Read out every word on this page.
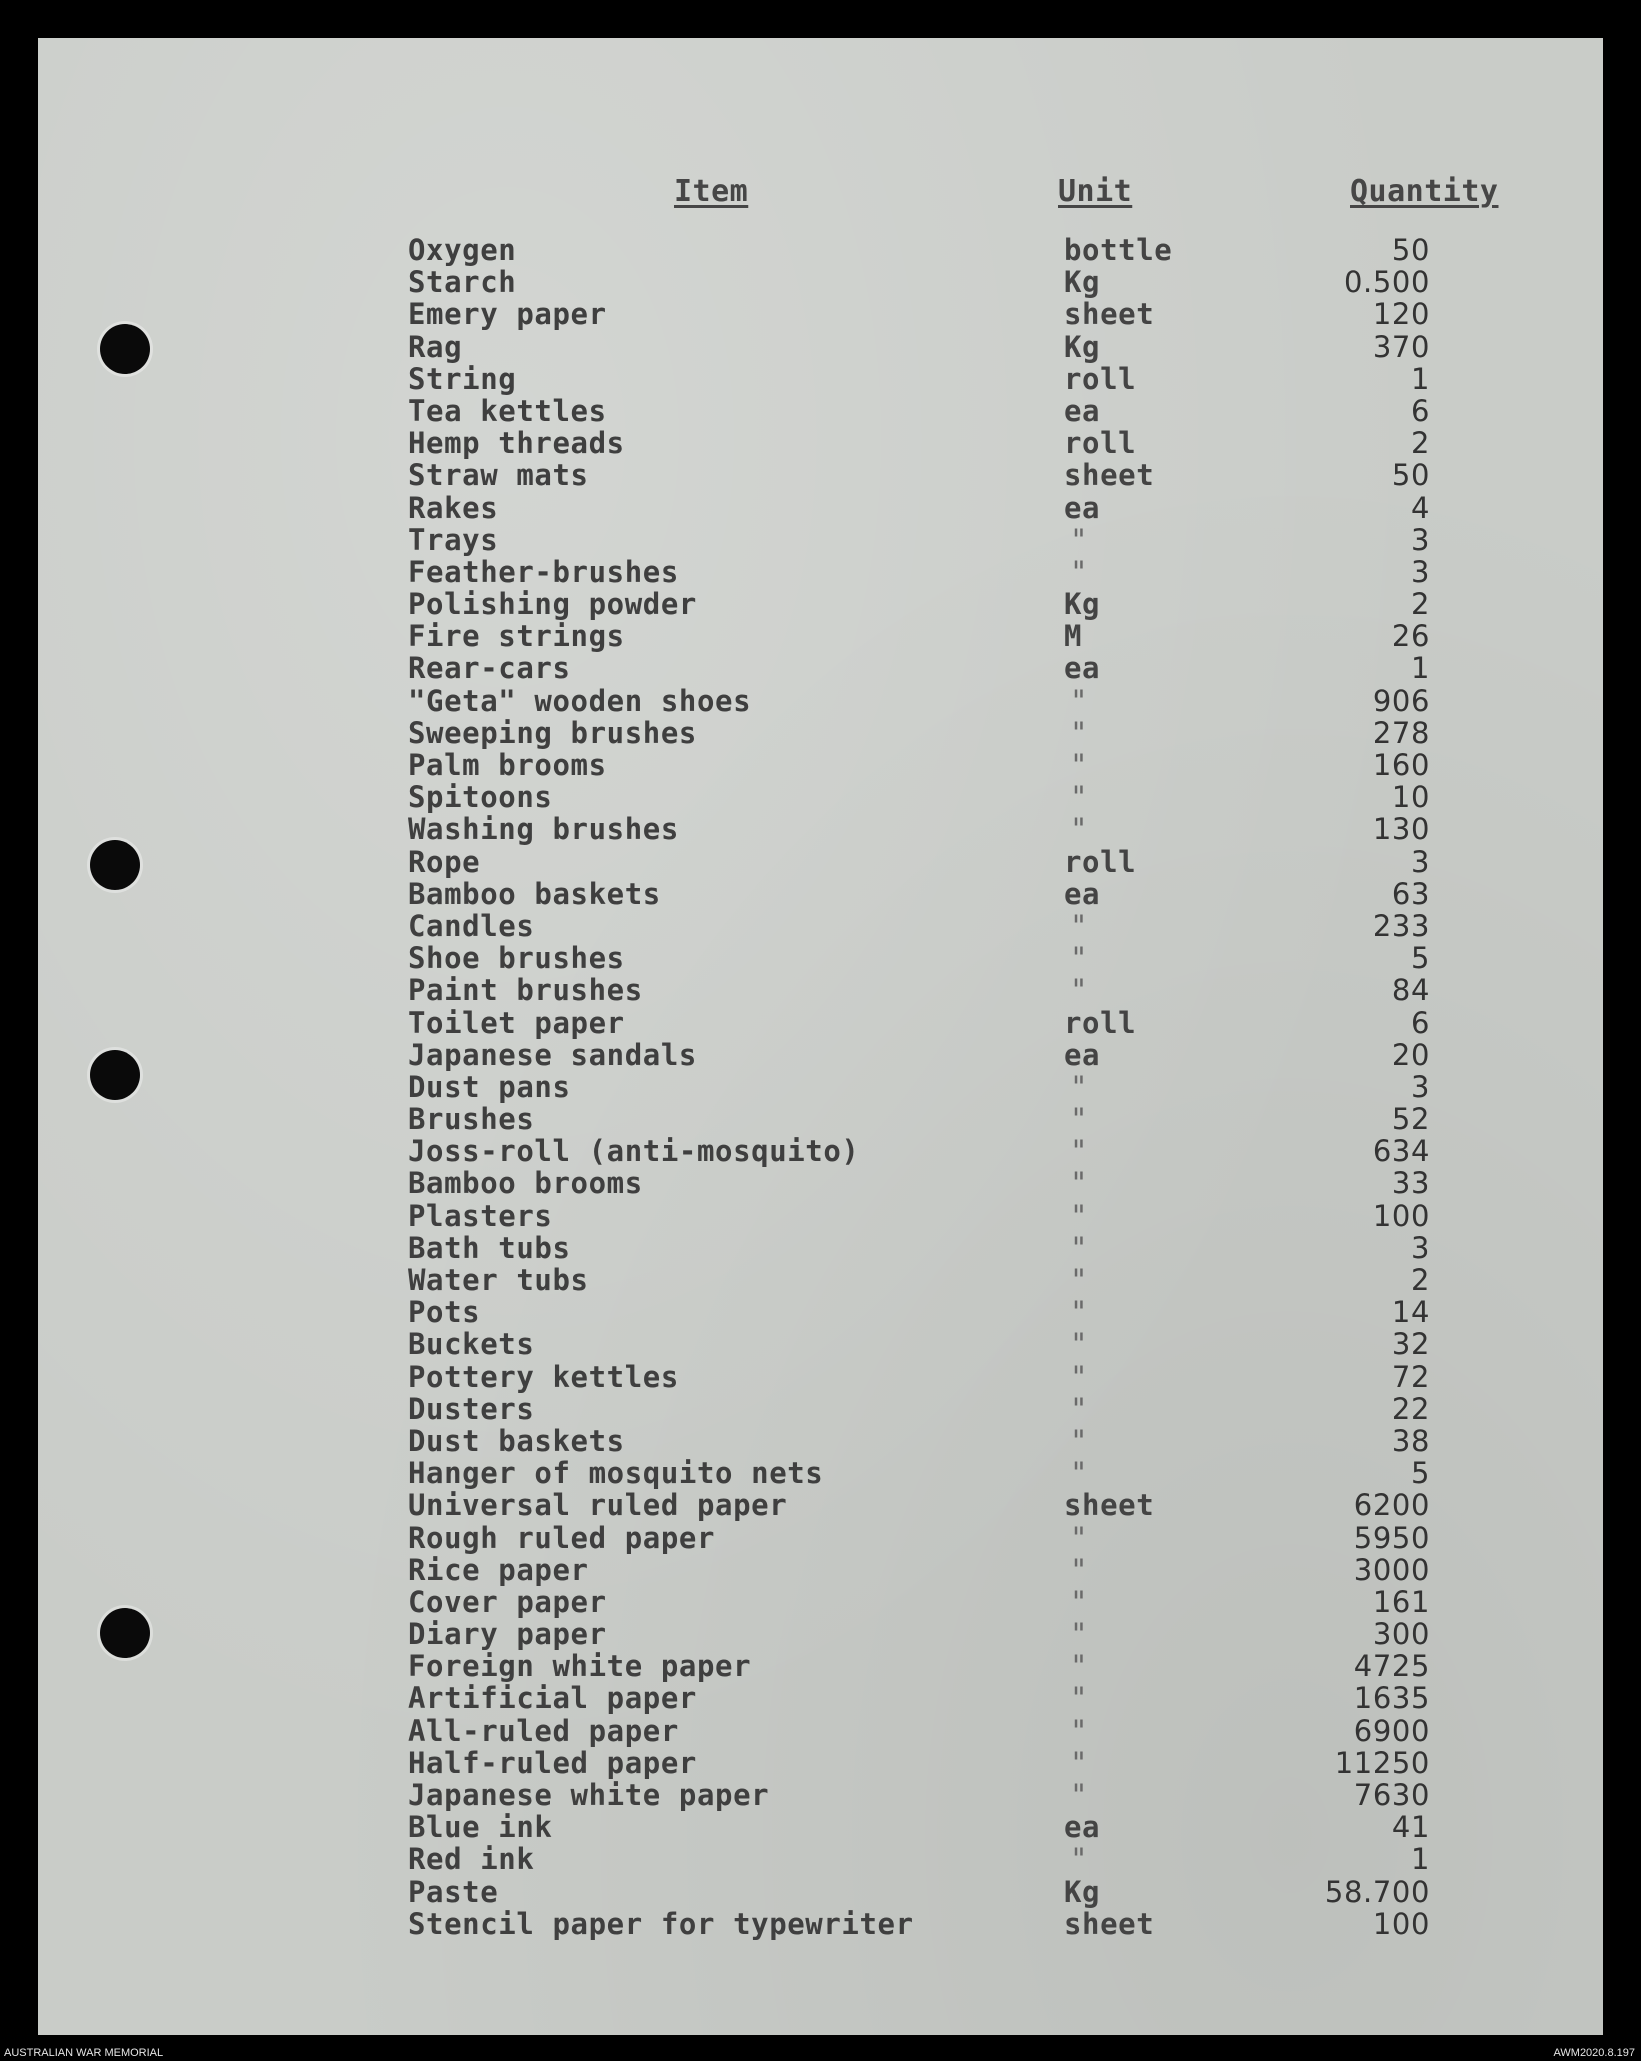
Item	Unit	Quantity
Oxygen	bottle	50
Starch	Kg	0.500
Emery paper	sheet	120
Rag	Kg	370
String	roll	1
Tea kettles	ea	6
Hemp threads	roll	2
Straw mats	sheet	50
Rakes	ea	4
Trays	"	3
Feather-brushes	"	3
Polishing powder	Kg	2
Fire strings	M	26
Rear-cars	ea	1
"Geta" wooden shoes	"	906
Sweeping brushes	"	278
Palm brooms	"	160
Spitoons	"	10
Washing brushes	"	130
Rope	roll	3
Bamboo baskets	ea	63
Candles	"	233
Shoe brushes	"	5
Paint brushes	"	84
Toilet paper	roll	6
Japanese sandals	ea	20
Dust pans	"	3
Brushes	"	52
Joss-roll (anti-mosquito)	"	634
Bamboo brooms	"	33
Plasters	"	100
Bath tubs	"	3
Water tubs	"	2
Pots	"	14
Buckets	"	32
Pottery kettles	"	72
Dusters	"	22
Dust baskets	"	38
Hanger of mosquito nets	"	5
Universal ruled paper	sheet	6200
Rough ruled paper	"	5950
Rice paper	"	3000
Cover paper	"	161
Diary paper	"	300
Foreign white paper	"	4725
Artificial paper	"	1635
All-ruled paper	"	6900
Half-ruled paper	"	11250
Japanese white paper	"	7630
Blue ink	ea	41
Red ink	"	1
Paste	Kg	58.700
Stencil paper for typewriter	sheet	100
AUSTRALIAN WAR MEMORIAL	AWM2020.8.197
